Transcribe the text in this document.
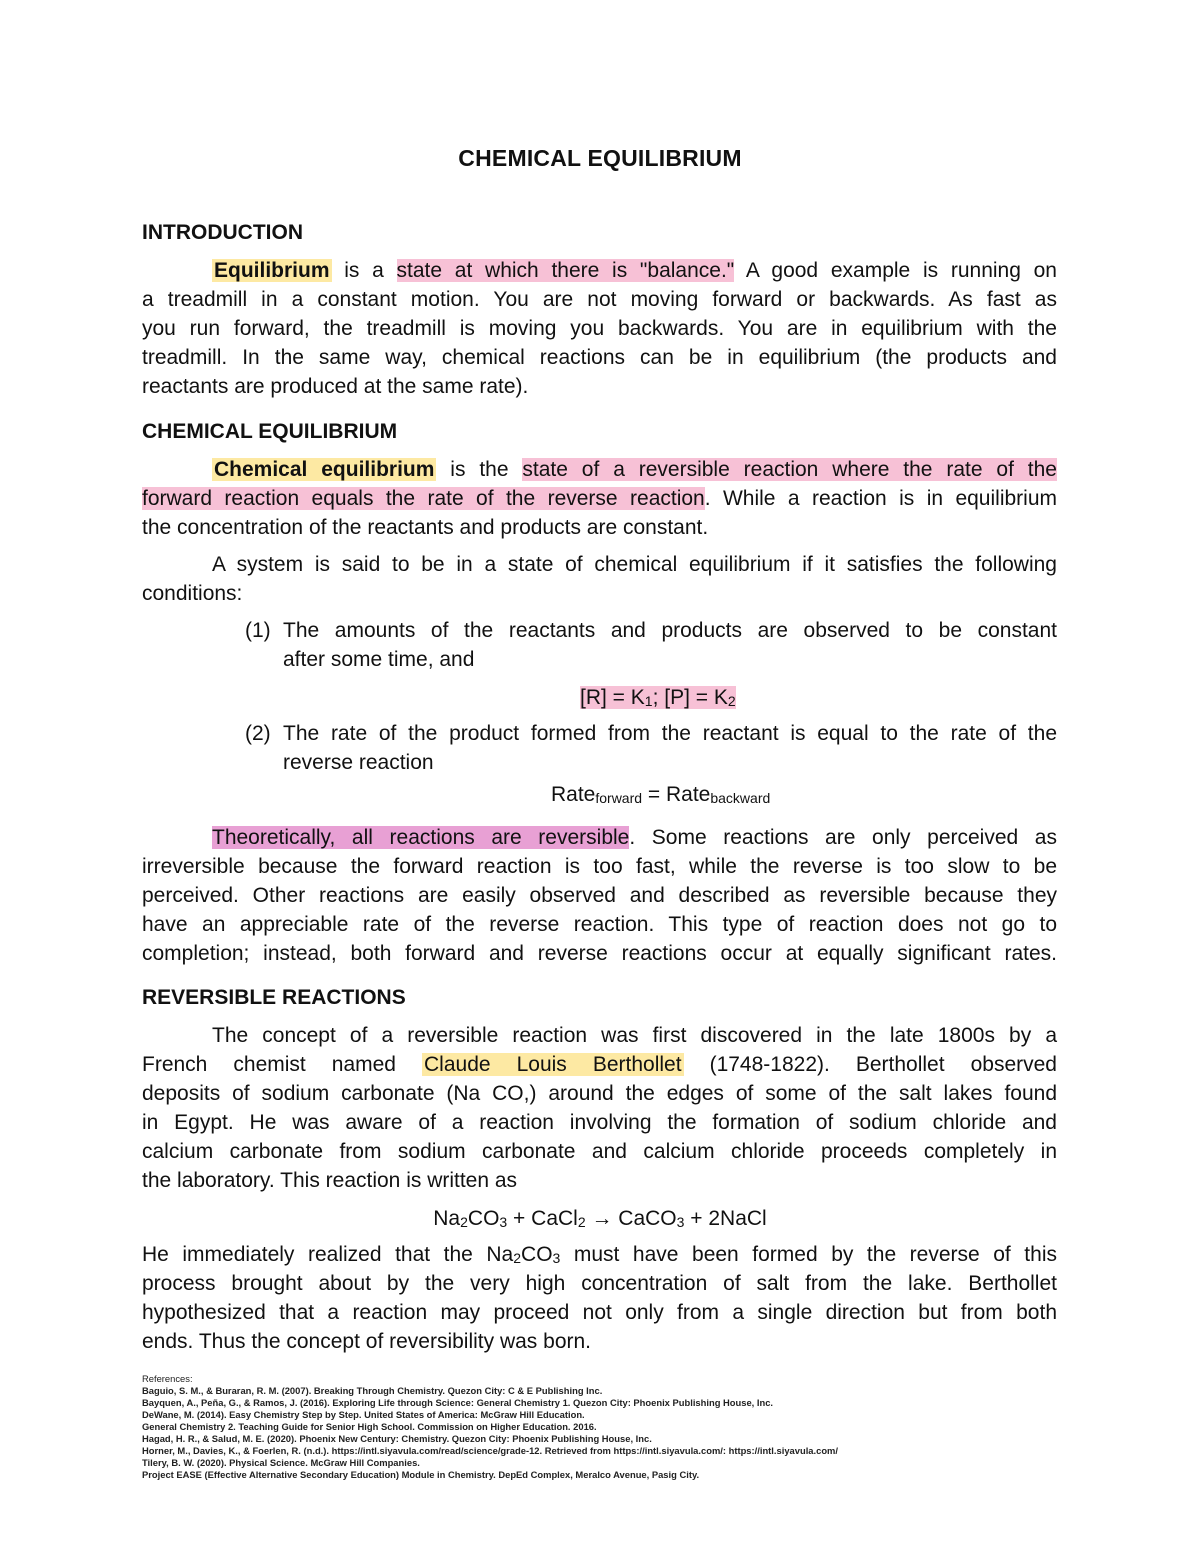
CHEMICAL EQUILIBRIUM
INTRODUCTION
Equilibrium is a state at which there is "balance." A good example is running on
a treadmill in a constant motion. You are not moving forward or backwards. As fast as
you run forward, the treadmill is moving you backwards. You are in equilibrium with the
treadmill. In the same way, chemical reactions can be in equilibrium (the products and
reactants are produced at the same rate).
CHEMICAL EQUILIBRIUM
Chemical equilibrium is the state of a reversible reaction where the rate of the
forward reaction equals the rate of the reverse reaction. While a reaction is in equilibrium
the concentration of the reactants and products are constant.
A system is said to be in a state of chemical equilibrium if it satisfies the following
conditions:
(1) The amounts of the reactants and products are observed to be constant
after some time, and
$[R] = K_1$; $[P] = K_2$
(2) The rate of the product formed from the reactant is equal to the rate of the
reverse reaction
Rate$_{forward}$ = Rate$_{backward}$
Theoretically, all reactions are reversible. Some reactions are only perceived as
irreversible because the forward reaction is too fast, while the reverse is too slow to be
perceived. Other reactions are easily observed and described as reversible because they
have an appreciable rate of the reverse reaction. This type of reaction does not go to
completion; instead, both forward and reverse reactions occur at equally significant rates.
REVERSIBLE REACTIONS
The concept of a reversible reaction was first discovered in the late 1800s by a
French chemist named Claude Louis Berthollet (1748-1822). Berthollet observed
deposits of sodium carbonate (Na CO,) around the edges of some of the salt lakes found
in Egypt. He was aware of a reaction involving the formation of sodium chloride and
calcium carbonate from sodium carbonate and calcium chloride proceeds completely in
the laboratory. This reaction is written as
$Na_2CO_3$ + CaCl$_2$ → CaCO$_3$ + 2NaCl
He immediately realized that the $Na_2CO_3$ must have been formed by the reverse of this
process brought about by the very high concentration of salt from the lake. Berthollet
hypothesized that a reaction may proceed not only from a single direction but from both
ends. Thus the concept of reversibility was born.
References:
Baguio, S. M., & Buraran, R. M. (2007). Breaking Through Chemistry. Quezon City: C & E Publishing Inc.
Bayquen, A., Peña, G., & Ramos, J. (2016). Exploring Life through Science: General Chemistry 1. Quezon City: Phoenix Publishing House, Inc.
DeWane, M. (2014). Easy Chemistry Step by Step. United States of America: McGraw Hill Education.
General Chemistry 2. Teaching Guide for Senior High School. Commission on Higher Education. 2016.
Hagad, H. R., & Salud, M. E. (2020). Phoenix New Century: Chemistry. Quezon City: Phoenix Publishing House, Inc.
Horner, M., Davies, K., & Foerlen, R. (n.d.). https://intl.siyavula.com/read/science/grade-12. Retrieved from https://intl.siyavula.com/: https://intl.siyavula.com/
Tilery, B. W. (2020). Physical Science. McGraw Hill Companies.
Project EASE (Effective Alternative Secondary Education) Module in Chemistry. DepEd Complex, Meralco Avenue, Pasig City.
